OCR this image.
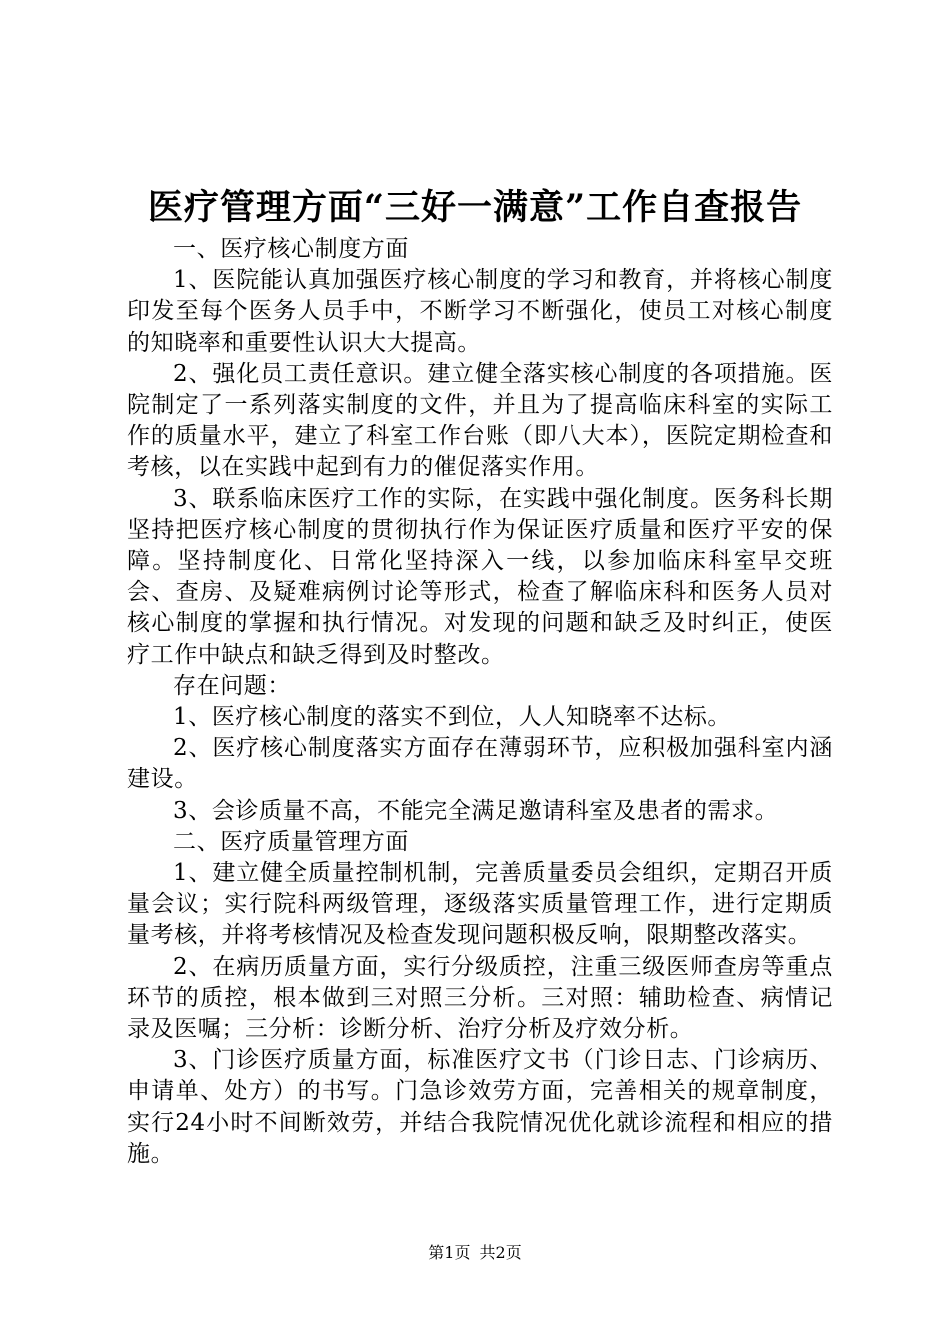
医疗管理方面“三好一满意”工作自查报告

一、医疗核心制度方面

1、医院能认真加强医疗核心制度的学习和教育，并将核心制度印发至每个医务人员手中，不断学习不断强化，使员工对核心制度的知晓率和重要性认识大大提高。

2、强化员工责任意识。建立健全落实核心制度的各项措施。医院制定了一系列落实制度的文件，并且为了提高临床科室的实际工作的质量水平，建立了科室工作台账（即八大本），医院定期检查和考核，以在实践中起到有力的催促落实作用。

3、联系临床医疗工作的实际，在实践中强化制度。医务科长期坚持把医疗核心制度的贯彻执行作为保证医疗质量和医疗平安的保障。坚持制度化、日常化坚持深入一线，以参加临床科室早交班会、查房、及疑难病例讨论等形式，检查了解临床科和医务人员对核心制度的掌握和执行情况。对发现的问题和缺乏及时纠正，使医疗工作中缺点和缺乏得到及时整改。

存在问题：

1、医疗核心制度的落实不到位，人人知晓率不达标。

2、医疗核心制度落实方面存在薄弱环节，应积极加强科室内涵建设。

3、会诊质量不高，不能完全满足邀请科室及患者的需求。

二、医疗质量管理方面

1、建立健全质量控制机制，完善质量委员会组织，定期召开质量会议；实行院科两级管理，逐级落实质量管理工作，进行定期质量考核，并将考核情况及检查发现问题积极反响，限期整改落实。

2、在病历质量方面，实行分级质控，注重三级医师查房等重点环节的质控，根本做到三对照三分析。三对照：辅助检查、病情记录及医嘱；三分析：诊断分析、治疗分析及疗效分析。

3、门诊医疗质量方面，标准医疗文书（门诊日志、门诊病历、申请单、处方）的书写。门急诊效劳方面，完善相关的规章制度，实行24小时不间断效劳，并结合我院情况优化就诊流程和相应的措施。

第1页 共2页
